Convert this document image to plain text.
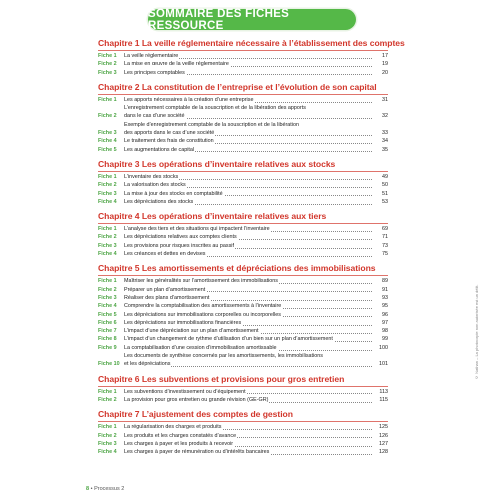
SOMMAIRE DES FICHES RESSOURCE
Chapitre 1 La veille réglementaire nécessaire à l’établissement des comptes
Fiche 1	La veille réglementaire	17
Fiche 2	La mise en œuvre de la veille réglementaire	19
Fiche 3	Les principes comptables	20
Chapitre 2 La constitution de l’entreprise et l’évolution de son capital
Fiche 1	Les apports nécessaires à la création d’une entreprise	31
Fiche 2
L’enregistrement comptable de la souscription et de la libération des apports
dans le cas d’une société	32
Fiche 3
Exemple d’enregistrement comptable de la souscription et de la libération
des apports dans le cas d’une société	33
Fiche 4	Le traitement des frais de constitution	34
Fiche 5	Les augmentations de capital	35
Chapitre 3 Les opérations d’inventaire relatives aux stocks
Fiche 1	L’inventaire des stocks	49
Fiche 2	La valorisation des stocks	50
Fiche 3	La mise à jour des stocks en comptabilité	51
Fiche 4	Les dépréciations des stocks	53
Chapitre 4 Les opérations d’inventaire relatives aux tiers
Fiche 1	L’analyse des tiers et des situations qui impactent l’inventaire	69
Fiche 2	Les dépréciations relatives aux comptes clients	71
Fiche 3	Les provisions pour risques inscrites au passif	73
Fiche 4	Les créances et dettes en devises	75
Chapitre 5 Les amortissements et dépréciations des immobilisations
Fiche 1	Maîtriser les généralités sur l’amortissement des immobilisations	89
Fiche 2	Préparer un plan d’amortissement	91
Fiche 3	Réaliser des plans d’amortissement	93
Fiche 4	Comprendre la comptabilisation des amortissements à l’inventaire	95
Fiche 5	Les dépréciations sur immobilisations corporelles ou incorporelles	96
Fiche 6	Les dépréciations sur immobilisations financières	97
Fiche 7	L’impact d’une dépréciation sur un plan d’amortissement	98
Fiche 8	L’impact d’un changement de rythme d’utilisation d’un bien sur un plan d’amortissement	99
Fiche 9	La comptabilisation d’une cession d’immobilisation amortissable	100
Fiche 10
Les documents de synthèse concernés par les amortissements, les immobilisations
et les dépréciations	101
Chapitre 6 Les subventions et provisions pour gros entretien
Fiche 1	Les subventions d’investissement ou d’équipement	113
Fiche 2	La provision pour gros entretien ou grande révision (GE-GR)	115
Chapitre 7 L’ajustement des comptes de gestion
Fiche 1	La régularisation des charges et produits	125
Fiche 2	Les produits et les charges constatés d’avance	126
Fiche 3	Les charges à payer et les produits à recevoir	127
Fiche 4	Les charges à payer de rémunération ou d’intérêts bancaires	128
© Nathan – La photocopie non autorisée est un délit.
8 • Processus 2
